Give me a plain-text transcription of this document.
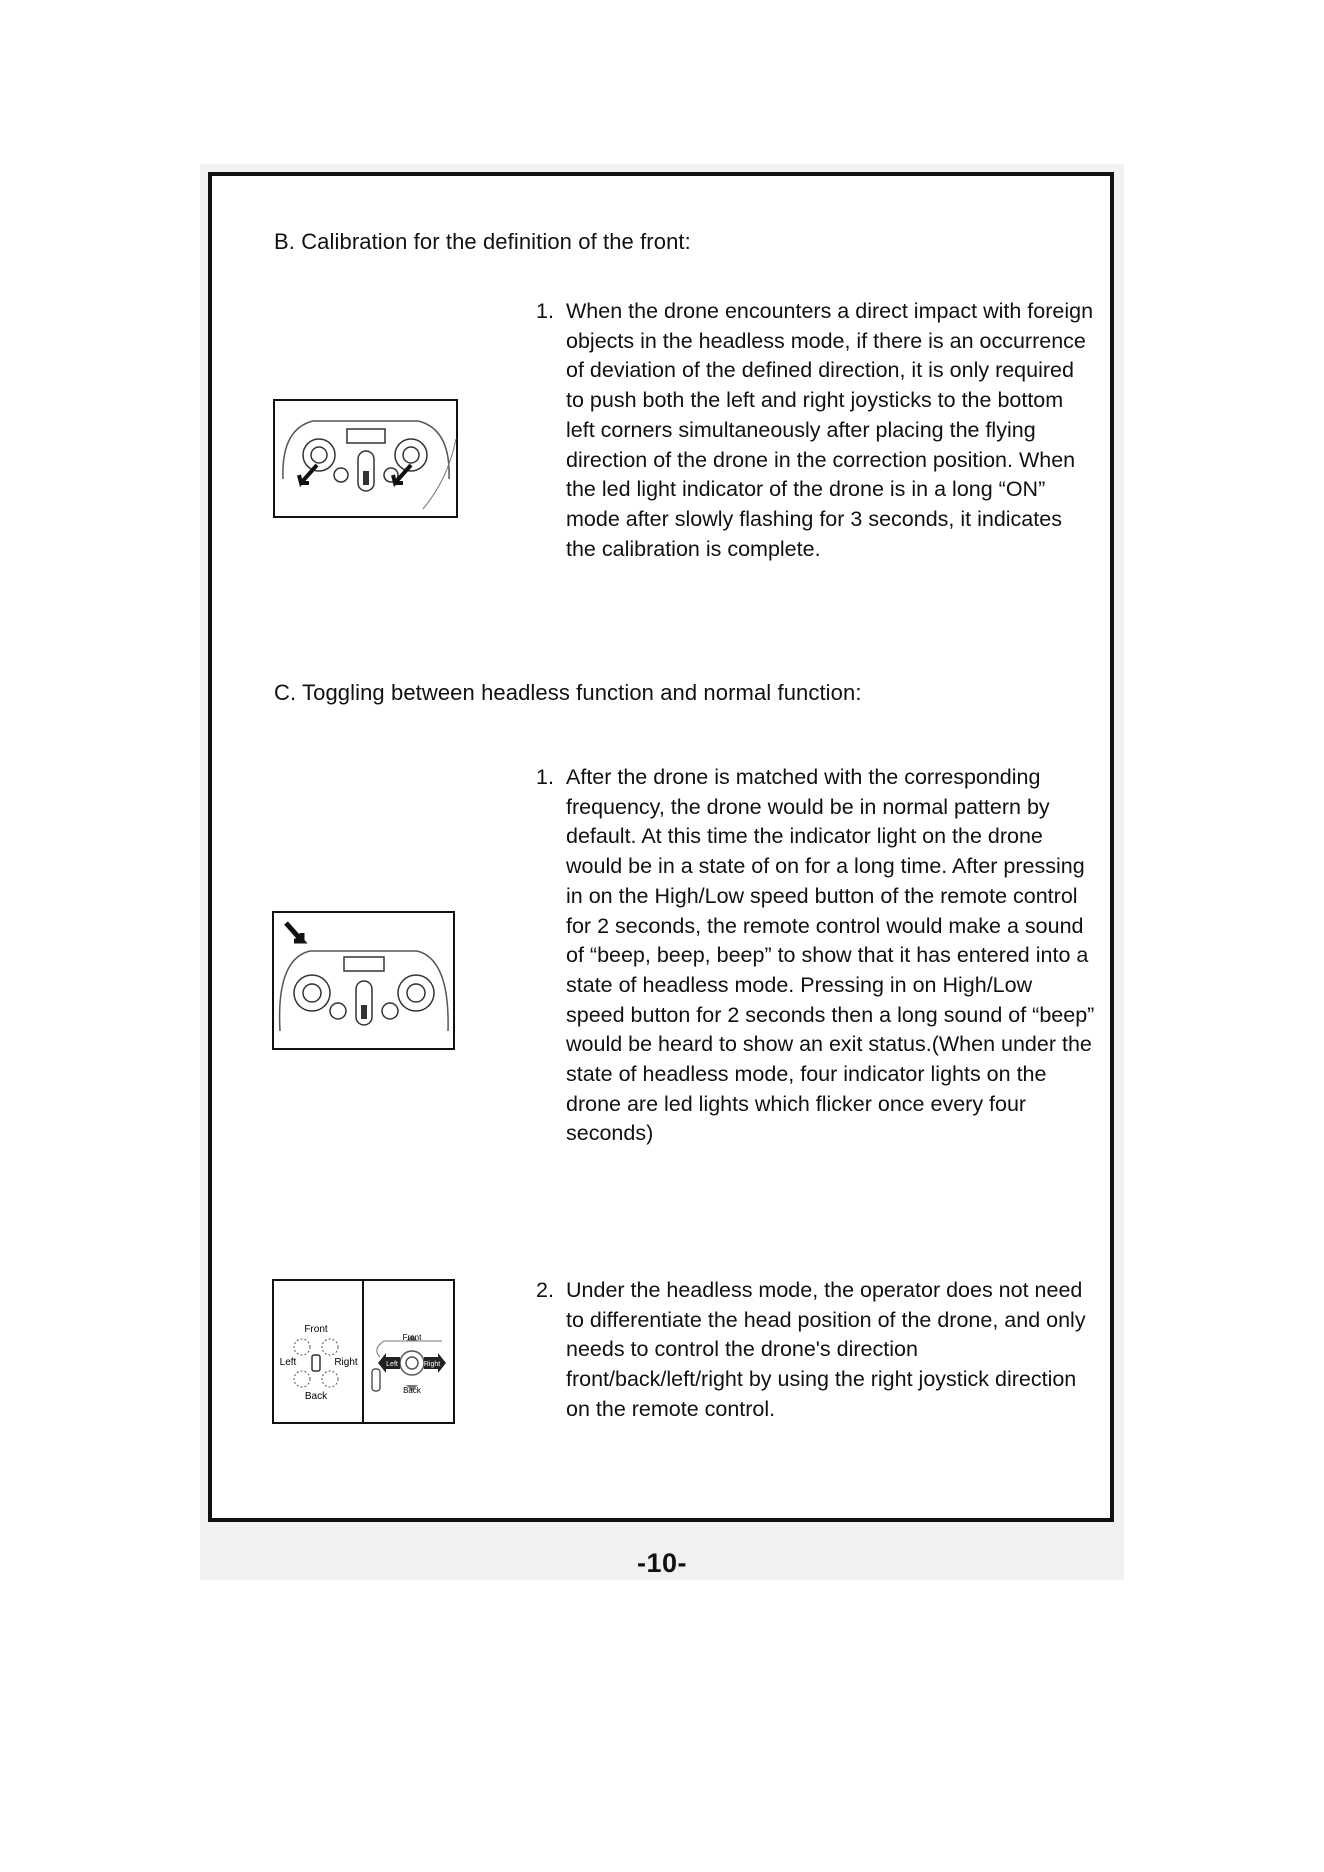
B. Calibration for the definition of the front:
1. When the drone encounters a direct impact with foreign objects in the headless mode, if there is an occurrence of deviation of the defined direction, it is only required to push both the left and right joysticks to the bottom left corners simultaneously after placing the flying direction of the drone in the correction position. When the led light indicator of the drone is in a long “ON” mode after slowly flashing for 3 seconds, it indicates the calibration is complete.
C. Toggling between headless function and normal function:
1. After the drone is matched with the corresponding frequency, the drone would be in normal pattern by default. At this time the indicator light on the drone would be in a state of on for a long time. After pressing in on the High/Low speed button of the remote control for 2 seconds, the remote control would make a sound of “beep, beep, beep” to show that it has entered into a state of headless mode. Pressing in on High/Low speed button for 2 seconds then a long sound of “beep” would be heard to show an exit status.(When under the state of headless mode, four indicator lights on the drone are led lights which flicker once every four seconds)
2. Under the headless mode, the operator does not need to differentiate the head position of the drone, and only needs to control the drone's direction front/back/left/right by using the right joystick direction on the remote control.
Front
Left	Right
Back
Front
Back
Left	Right
-10-
